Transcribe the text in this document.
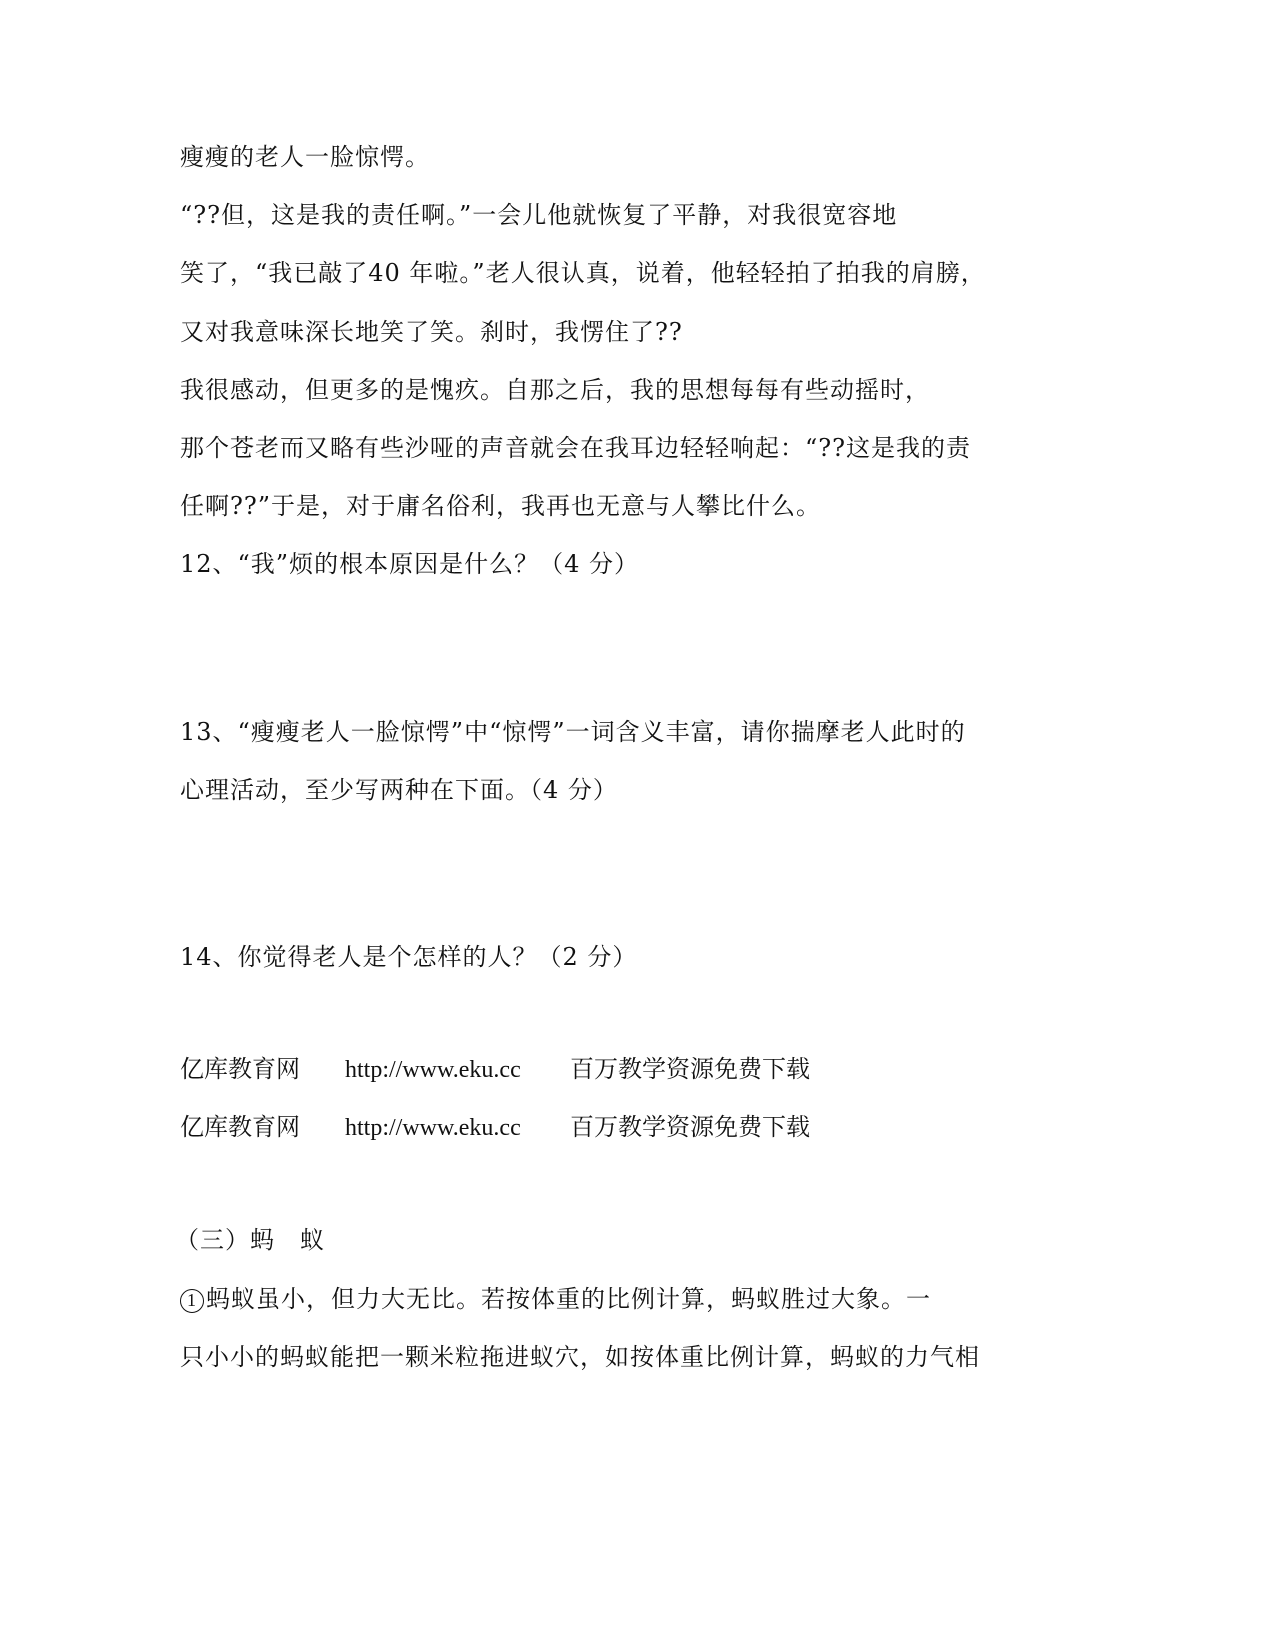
瘦瘦的老人一脸惊愕。
“??但，这是我的责任啊。”一会儿他就恢复了平静，对我很宽容地
笑了，“我已敲了40 年啦。”老人很认真，说着，他轻轻拍了拍我的肩膀，
又对我意味深长地笑了笑。刹时，我愣住了??
我很感动，但更多的是愧疚。自那之后，我的思想每每有些动摇时，
那个苍老而又略有些沙哑的声音就会在我耳边轻轻响起：“??这是我的责
任啊??”于是，对于庸名俗利，我再也无意与人攀比什么。
12、“我”烦的根本原因是什么？（4 分）
13、“瘦瘦老人一脸惊愕”中“惊愕”一词含义丰富，请你揣摩老人此时的
心理活动，至少写两种在下面。（4 分）
14、你觉得老人是个怎样的人？（2 分）
亿库教育网 http://www.eku.cc 百万教学资源免费下载
亿库教育网 http://www.eku.cc 百万教学资源免费下载
（三）蚂　蚁
1 蚂蚁虽小，但力大无比。若按体重的比例计算，蚂蚁胜过大象。一
只小小的蚂蚁能把一颗米粒拖进蚁穴，如按体重比例计算，蚂蚁的力气相
